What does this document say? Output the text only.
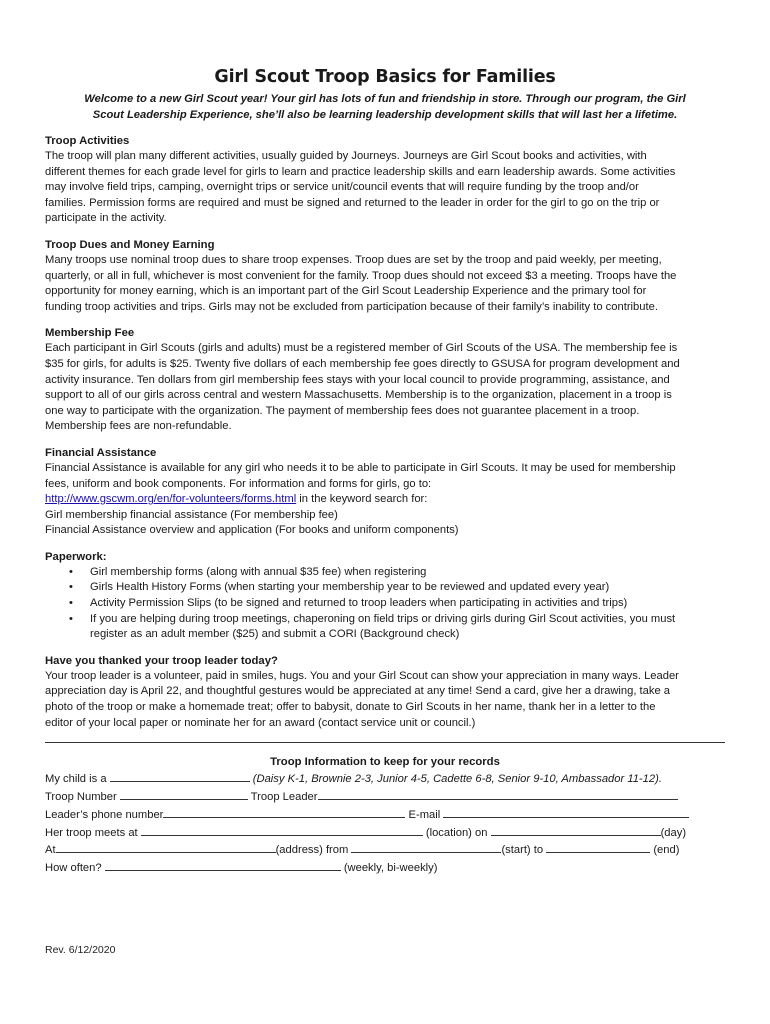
Girl Scout Troop Basics for Families
Welcome to a new Girl Scout year! Your girl has lots of fun and friendship in store. Through our program, the Girl
Scout Leadership Experience, she’ll also be learning leadership development skills that will last her a lifetime.

Troop Activities

The troop will plan many different activities, usually guided by Journeys. Journeys are Girl Scout books and activities, with
different themes for each grade level for girls to learn and practice leadership skills and earn leadership awards. Some activities
may involve field trips, camping, overnight trips or service unit/council events that will require funding by the troop and/or
families. Permission forms are required and must be signed and returned to the leader in order for the girl to go on the trip or
participate in the activity.

Troop Dues and Money Earning

Many troops use nominal troop dues to share troop expenses. Troop dues are set by the troop and paid weekly, per meeting,
quarterly, or all in full, whichever is most convenient for the family. Troop dues should not exceed $3 a meeting. Troops have the
opportunity for money earning, which is an important part of the Girl Scout Leadership Experience and the primary tool for
funding troop activities and trips. Girls may not be excluded from participation because of their family’s inability to contribute.

Membership Fee

Each participant in Girl Scouts (girls and adults) must be a registered member of Girl Scouts of the USA. The membership fee is
$35 for girls, for adults is $25. Twenty five dollars of each membership fee goes directly to GSUSA for program development and
activity insurance. Ten dollars from girl membership fees stays with your local council to provide programming, assistance, and
support to all of our girls across central and western Massachusetts. Membership is to the organization, placement in a troop is
one way to participate with the organization. The payment of membership fees does not guarantee placement in a troop.
Membership fees are non-refundable.

Financial Assistance

Financial Assistance is available for any girl who needs it to be able to participate in Girl Scouts. It may be used for membership
fees, uniform and book components. For information and forms for girls, go to:
http://www.gscwm.org/en/for-volunteers/forms.html in the keyword search for:
Girl membership financial assistance (For membership fee)
Financial Assistance overview and application (For books and uniform components)

Paperwork:

• Girl membership forms (along with annual $35 fee) when registering
• Girls Health History Forms (when starting your membership year to be reviewed and updated every year)
• Activity Permission Slips (to be signed and returned to troop leaders when participating in activities and trips)
• If you are helping during troop meetings, chaperoning on field trips or driving girls during Girl Scout activities, you must

register as an adult member ($25) and submit a CORI (Background check)

Have you thanked your troop leader today?

Your troop leader is a volunteer, paid in smiles, hugs. You and your Girl Scout can show your appreciation in many ways. Leader
appreciation day is April 22, and thoughtful gestures would be appreciated at any time! Send a card, give her a drawing, take a
photo of the troop or make a homemade treat; offer to babysit, donate to Girl Scouts in her name, thank her in a letter to the
editor of your local paper or nominate her for an award (contact service unit or council.)

Troop Information to keep for your records

My child is a	(Daisy K-1, Brownie 2-3, Junior 4-5, Cadette 6-8, Senior 9-10, Ambassador 11-12).
Troop Number	Troop Leader
Leader’s phone number	E-mail
Her troop meets at	(location) on	(day)
At	(address) from	(start) to	(end)
How often?	(weekly, bi-weekly)
Rev. 6/12/2020
